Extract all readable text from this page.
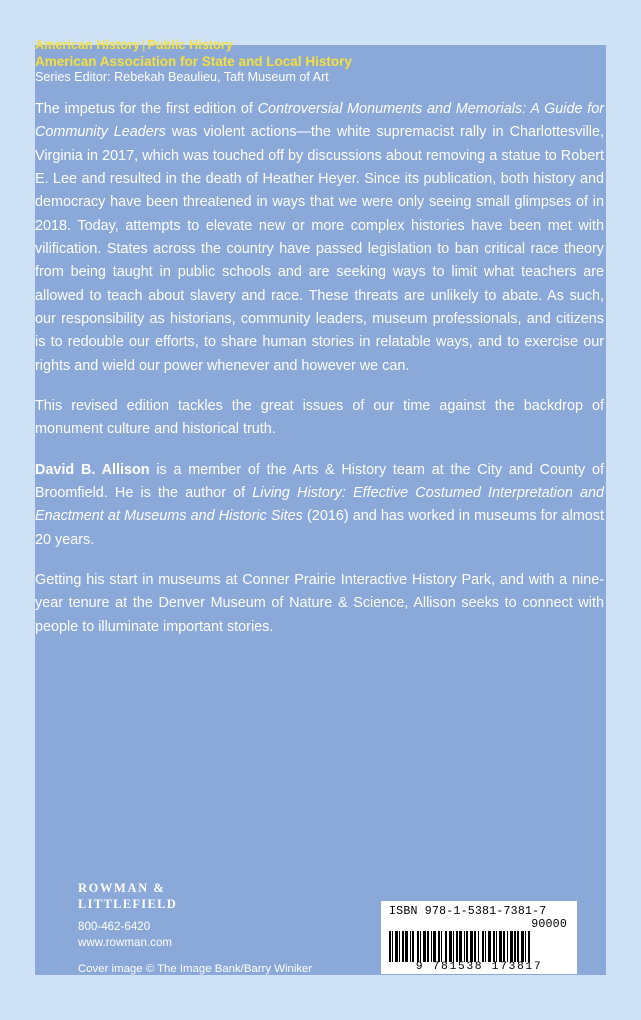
American History | Public History
American Association for State and Local History
Series Editor: Rebekah Beaulieu, Taft Museum of Art

The impetus for the first edition of Controversial Monuments and Memorials: A Guide for Community Leaders was violent actions—the white supremacist rally in Charlottesville, Virginia in 2017, which was touched off by discussions about removing a statue to Robert E. Lee and resulted in the death of Heather Heyer. Since its publication, both history and democracy have been threatened in ways that we were only seeing small glimpses of in 2018. Today, attempts to elevate new or more complex histories have been met with vilification. States across the country have passed legislation to ban critical race theory from being taught in public schools and are seeking ways to limit what teachers are allowed to teach about slavery and race. These threats are unlikely to abate. As such, our responsibility as historians, community leaders, museum professionals, and citizens is to redouble our efforts, to share human stories in relatable ways, and to exercise our rights and wield our power whenever and however we can.

This revised edition tackles the great issues of our time against the backdrop of monument culture and historical truth.

David B. Allison is a member of the Arts & History team at the City and County of Broomfield. He is the author of Living History: Effective Costumed Interpretation and Enactment at Museums and Historic Sites (2016) and has worked in museums for almost 20 years.

Getting his start in museums at Conner Prairie Interactive History Park, and with a nine-year tenure at the Denver Museum of Nature & Science, Allison seeks to connect with people to illuminate important stories.

ROWMAN &
LITTLEFIELD
800-462-6420
www.rowman.com
Cover image © The Image Bank/Barry Winiker
ISBN 978-1-5381-7381-7
90000
9 781538 173817
